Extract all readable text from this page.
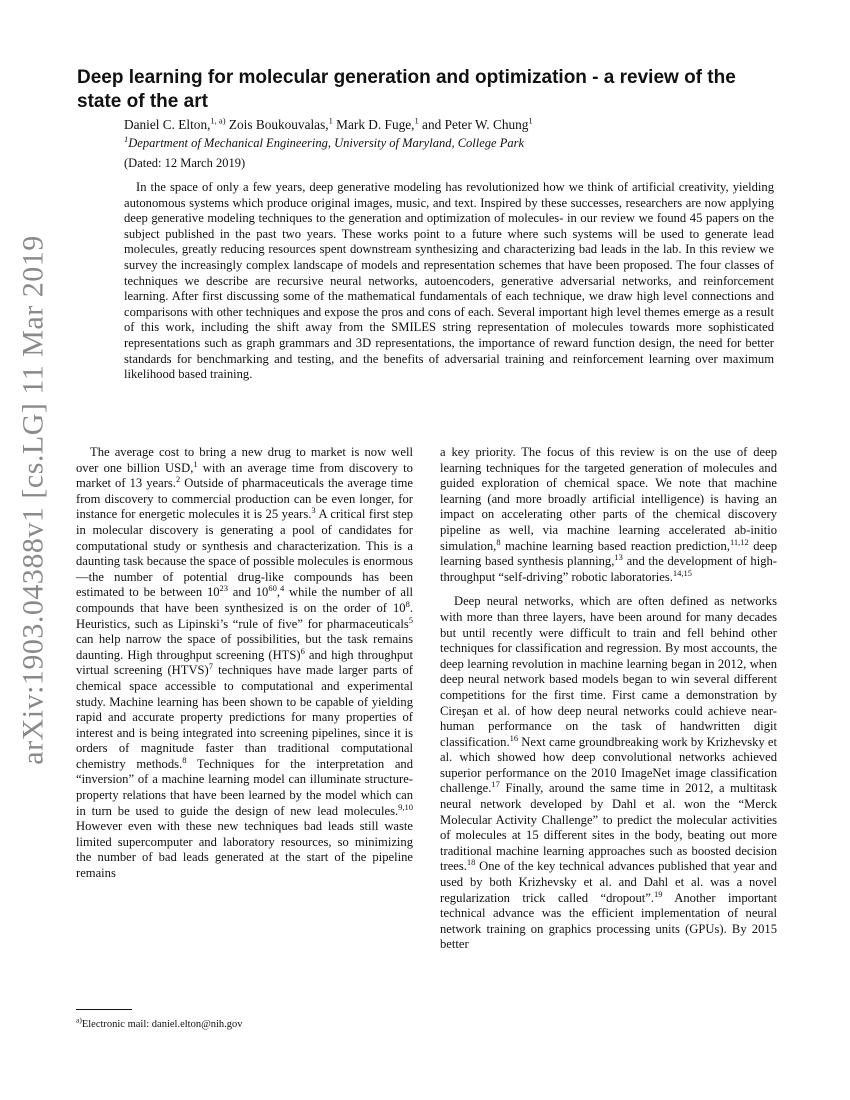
arXiv:1903.04388v1 [cs.LG] 11 Mar 2019
Deep learning for molecular generation and optimization - a review of the state of the art
Daniel C. Elton,$^{1, a)}$ Zois Boukouvalas,$^1$ Mark D. Fuge,$^1$ and Peter W. Chung$^1$
$^1$Department of Mechanical Engineering, University of Maryland, College Park
(Dated: 12 March 2019)

In the space of only a few years, deep generative modeling has revolutionized how we think of artificial creativity, yielding autonomous systems which produce original images, music, and text. Inspired by these successes, researchers are now applying deep generative modeling techniques to the generation and optimization of molecules- in our review we found 45 papers on the subject published in the past two years. These works point to a future where such systems will be used to generate lead molecules, greatly reducing resources spent downstream synthesizing and characterizing bad leads in the lab. In this review we survey the increasingly complex landscape of models and representation schemes that have been proposed. The four classes of techniques we describe are recursive neural networks, autoencoders, generative adversarial networks, and reinforcement learning. After first discussing some of the mathematical fundamentals of each technique, we draw high level connections and comparisons with other techniques and expose the pros and cons of each. Several important high level themes emerge as a result of this work, including the shift away from the SMILES string representation of molecules towards more sophisticated representations such as graph grammars and 3D representations, the importance of reward function design, the need for better standards for benchmarking and testing, and the benefits of adversarial training and reinforcement learning over maximum likelihood based training.

The average cost to bring a new drug to market is now well over one billion USD,$^1$ with an average time from discovery to market of 13 years.$^2$ Outside of pharmaceuticals the average time from discovery to commercial production can be even longer, for instance for energetic molecules it is 25 years.$^3$ A critical first step in molecular discovery is generating a pool of candidates for computational study or synthesis and characterization. This is a daunting task because the space of possible molecules is enormous—the number of potential drug-like compounds has been estimated to be between $10^{23}$ and $10^{60},^4$ while the number of all compounds that have been synthesized is on the order of $10^8$. Heuristics, such as Lipinski’s “rule of five” for pharmaceuticals$^5$ can help narrow the space of possibilities, but the task remains daunting. High throughput screening (HTS)$^6$ and high throughput virtual screening (HTVS)$^7$ techniques have made larger parts of chemical space accessible to computational and experimental study. Machine learning has been shown to be capable of yielding rapid and accurate property predictions for many properties of interest and is being integrated into screening pipelines, since it is orders of magnitude faster than traditional computational chemistry methods.$^8$ Techniques for the interpretation and “inversion” of a machine learning model can illuminate structure-property relations that have been learned by the model which can in turn be used to guide the design of new lead molecules.$^{9,10}$ However even with these new techniques bad leads still waste limited supercomputer and laboratory resources, so minimizing the number of bad leads generated at the start of the pipeline remains

a key priority. The focus of this review is on the use of deep learning techniques for the targeted generation of molecules and guided exploration of chemical space. We note that machine learning (and more broadly artificial intelligence) is having an impact on accelerating other parts of the chemical discovery pipeline as well, via machine learning accelerated ab-initio simulation,$^8$ machine learning based reaction prediction,$^{11,12}$ deep learning based synthesis planning,$^{13}$ and the development of high-throughput “self-driving” robotic laboratories.$^{14,15}$

Deep neural networks, which are often defined as networks with more than three layers, have been around for many decades but until recently were difficult to train and fell behind other techniques for classification and regression. By most accounts, the deep learning revolution in machine learning began in 2012, when deep neural network based models began to win several different competitions for the first time. First came a demonstration by Cireşan et al. of how deep neural networks could achieve near-human performance on the task of handwritten digit classification.$^{16}$ Next came groundbreaking work by Krizhevsky et al. which showed how deep convolutional networks achieved superior performance on the 2010 ImageNet image classification challenge.$^{17}$ Finally, around the same time in 2012, a multitask neural network developed by Dahl et al. won the “Merck Molecular Activity Challenge” to predict the molecular activities of molecules at 15 different sites in the body, beating out more traditional machine learning approaches such as boosted decision trees.$^{18}$ One of the key technical advances published that year and used by both Krizhevsky et al. and Dahl et al. was a novel regularization trick called “dropout”.$^{19}$ Another important technical advance was the efficient implementation of neural network training on graphics processing units (GPUs). By 2015 better

$^{a)}$Electronic mail: daniel.elton@nih.gov
